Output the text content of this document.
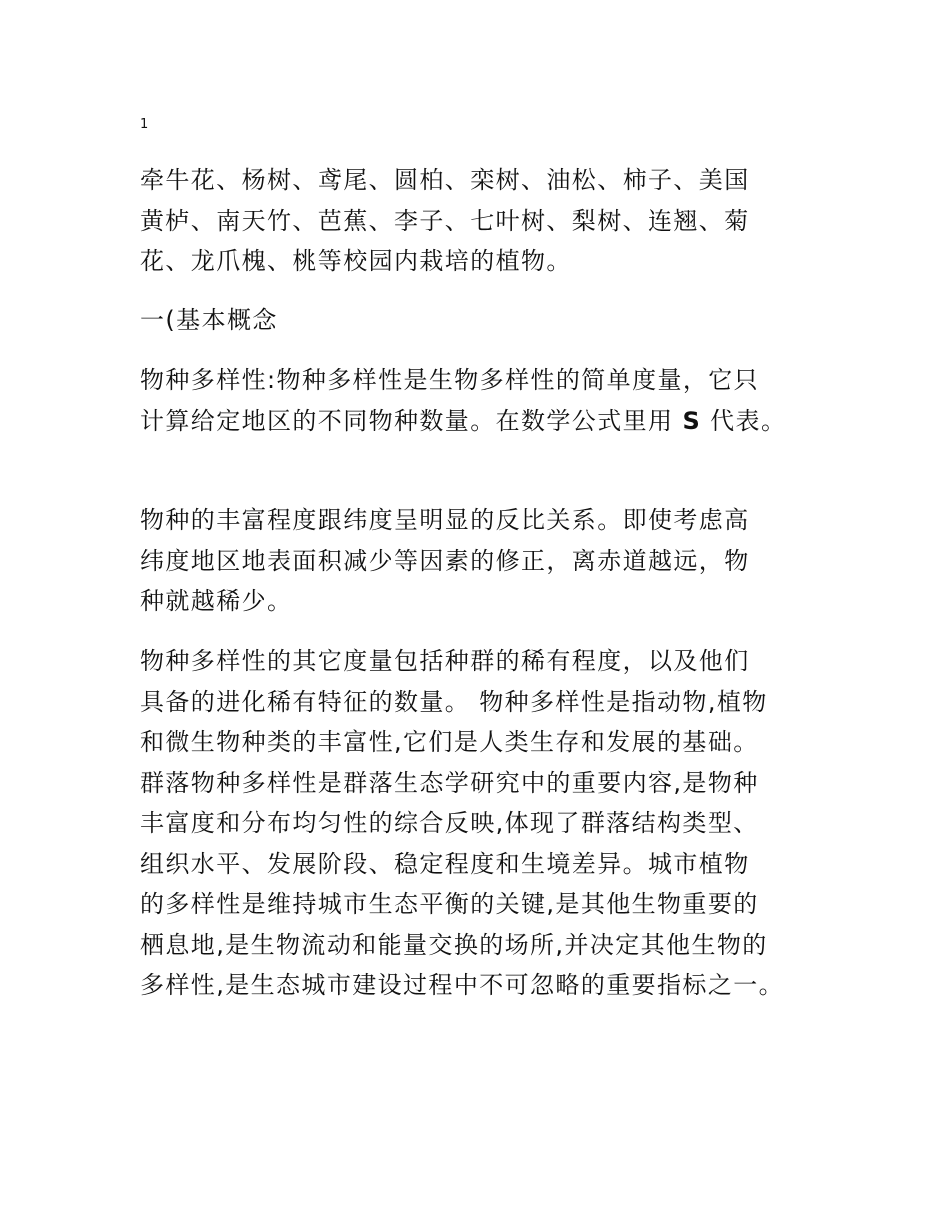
1

牵牛花、杨树、鸢尾、圆柏、栾树、油松、柿子、美国
黄栌、南天竹、芭蕉、李子、七叶树、梨树、连翘、菊
花、龙爪槐、桃等校园内栽培的植物。

一(基本概念

物种多样性:物种多样性是生物多样性的简单度量，它只
计算给定地区的不同物种数量。在数学公式里用 S 代表。

物种的丰富程度跟纬度呈明显的反比关系。即使考虑高
纬度地区地表面积减少等因素的修正，离赤道越远，物
种就越稀少。

物种多样性的其它度量包括种群的稀有程度，以及他们
具备的进化稀有特征的数量。 物种多样性是指动物,植物
和微生物种类的丰富性,它们是人类生存和发展的基础。
群落物种多样性是群落生态学研究中的重要内容,是物种
丰富度和分布均匀性的综合反映,体现了群落结构类型、
组织水平、发展阶段、稳定程度和生境差异。城市植物
的多样性是维持城市生态平衡的关键,是其他生物重要的
栖息地,是生物流动和能量交换的场所,并决定其他生物的
多样性,是生态城市建设过程中不可忽略的重要指标之一。
